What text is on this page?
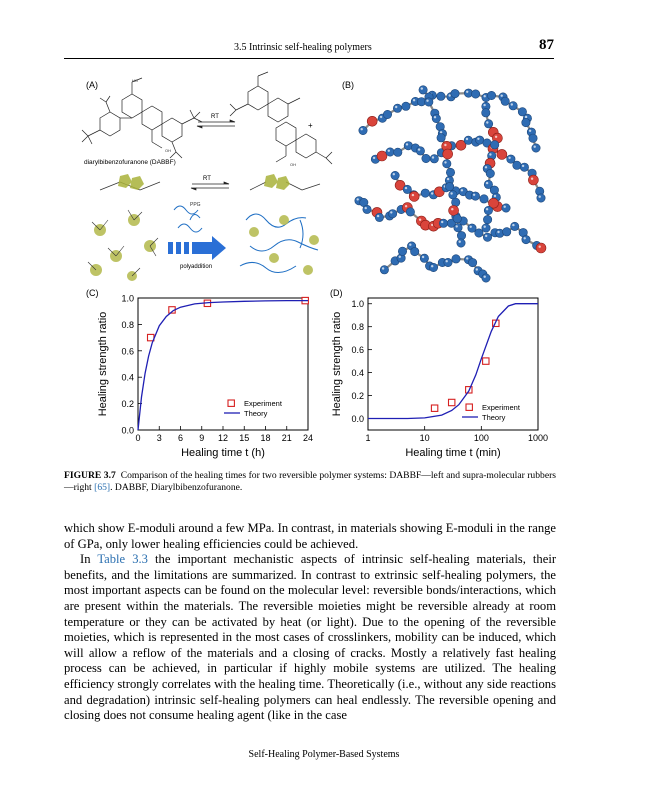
3.5 Intrinsic self-healing polymers	87
(A)	HO
OH
RT
+
OH
diarylbibenzofuranone (DABBF)
RT
PPG
polyaddition
(B)
(C)
0.0
0.2
0.4
0.6
0.8
1.0
0 3 6 9 12 15 18 21 24
Healing time t (h)
Healing strength ratio	Experiment
Theory
(D)
0.0
0.2
0.4
0.6
0.8
1.0
1	10	100	1000
Healing time t (min)
Healing strength ratio	Experiment
Theory
FIGURE 3.7 Comparison of the healing times for two reversible polymer systems: DABBF—left and supra-molecular rubbers—right [65]. DABBF, Diarylbibenzofuranone.

which show E-moduli around a few MPa. In contrast, in materials showing E-moduli in the range of GPa, only lower healing efficiencies could be achieved.

In Table 3.3 the important mechanistic aspects of intrinsic self-healing materials, their benefits, and the limitations are summarized. In contrast to extrinsic self-healing polymers, the most important aspects can be found on the molecular level: reversible bonds/interactions, which are present within the materials. The reversible moieties might be reversible already at room temperature or they can be activated by heat (or light). Due to the opening of the reversible moieties, which is represented in the most cases of crosslinkers, mobility can be induced, which will allow a reflow of the materials and a closing of cracks. Mostly a relatively fast healing process can be achieved, in particular if highly mobile systems are utilized. The healing efficiency strongly correlates with the healing time. Theoretically (i.e., without any side reactions and degradation) intrinsic self-healing polymers can heal endlessly. The reversible opening and closing does not consume healing agent (like in the case

Self-Healing Polymer-Based Systems
